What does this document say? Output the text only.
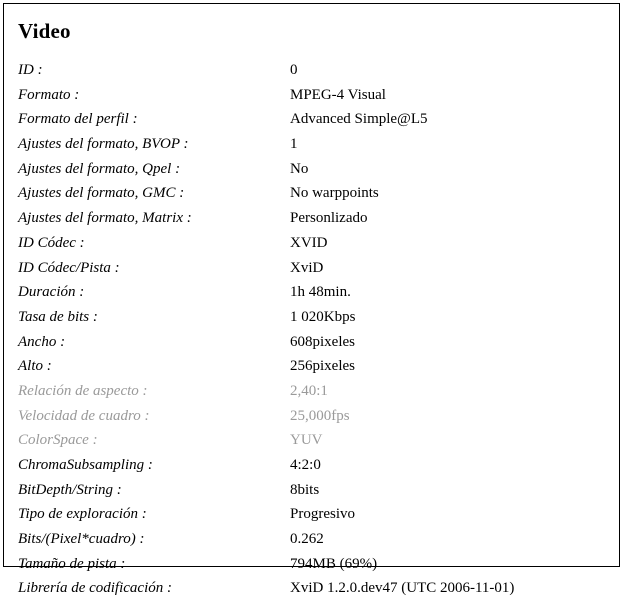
Video
ID :	0
Formato :	MPEG-4 Visual
Formato del perfil :	Advanced Simple@L5
Ajustes del formato, BVOP :	1
Ajustes del formato, Qpel :	No
Ajustes del formato, GMC :	No warppoints
Ajustes del formato, Matrix :	Personlizado
ID Códec :	XVID
ID Códec/Pista :	XviD
Duración :	1h 48min.
Tasa de bits :	1 020Kbps
Ancho :	608pixeles
Alto :	256pixeles
Relación de aspecto :	2,40:1
Velocidad de cuadro :	25,000fps
ColorSpace :	YUV
ChromaSubsampling :	4:2:0
BitDepth/String :	8bits
Tipo de exploración :	Progresivo
Bits/(Pixel*cuadro) :	0.262
Tamaño de pista :	794MB (69%)
Librería de codificación :	XviD 1.2.0.dev47 (UTC 2006-11-01)
